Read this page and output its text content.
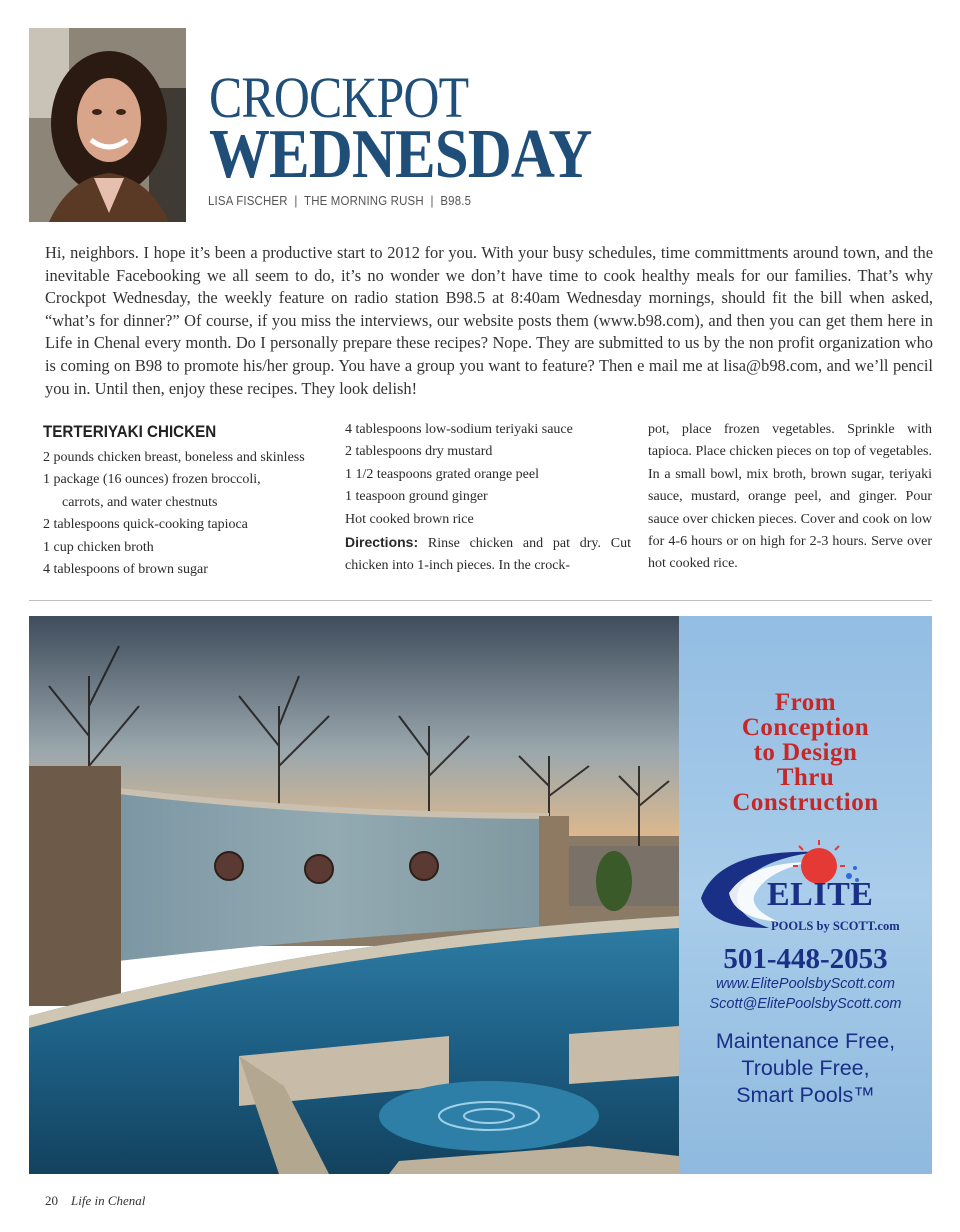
CROCKPOT
WEDNESDAY
LISA FISCHER  |  THE MORNING RUSH  |  B98.5

Hi, neighbors. I hope it’s been a productive start to 2012 for you. With your busy schedules, time committments around town, and the inevitable Facebooking we all seem to do, it’s no wonder we don’t have time to cook healthy meals for our families. That’s why Crockpot Wednesday, the weekly feature on radio station B98.5 at 8:40am Wednesday mornings, should fit the bill when asked, “what’s for dinner?” Of course, if you miss the interviews, our website posts them (www.b98.com), and then you can get them here in Life in Chenal every month. Do I personally prepare these recipes? Nope. They are submitted to us by the non profit organization who is coming on B98 to promote his/her group. You have a group you want to feature? Then e mail me at lisa@b98.com, and we’ll pencil you in. Until then, enjoy these recipes. They look delish!

TERTERIYAKI CHICKEN
2 pounds chicken breast, boneless and skinless
1 package (16 ounces) frozen broccoli,
carrots, and water chestnuts
2 tablespoons quick-cooking tapioca
1 cup chicken broth
4 tablespoons of brown sugar
4 tablespoons low-sodium teriyaki sauce
2 tablespoons dry mustard
1 1/2 teaspoons grated orange peel
1 teaspoon ground ginger
Hot cooked brown rice
Directions: Rinse chicken and pat dry. Cut chicken into 1-inch pieces. In the crock-
pot, place frozen vegetables. Sprinkle with tapioca. Place chicken pieces on top of vegetables. In a small bowl, mix broth, brown sugar, teriyaki sauce, mustard, orange peel, and ginger. Pour sauce over chicken pieces. Cover and cook on low for 4-6 hours or on high for 2-3 hours. Serve over hot cooked rice.
From
Conception
to Design
Thru
Construction
ELITE
POOLS by SCOTT.com
501-448-2053
www.ElitePoolsbyScott.com
Scott@ElitePoolsbyScott.com
Maintenance Free,
Trouble Free,
Smart Pools™
20 Life in Chenal
